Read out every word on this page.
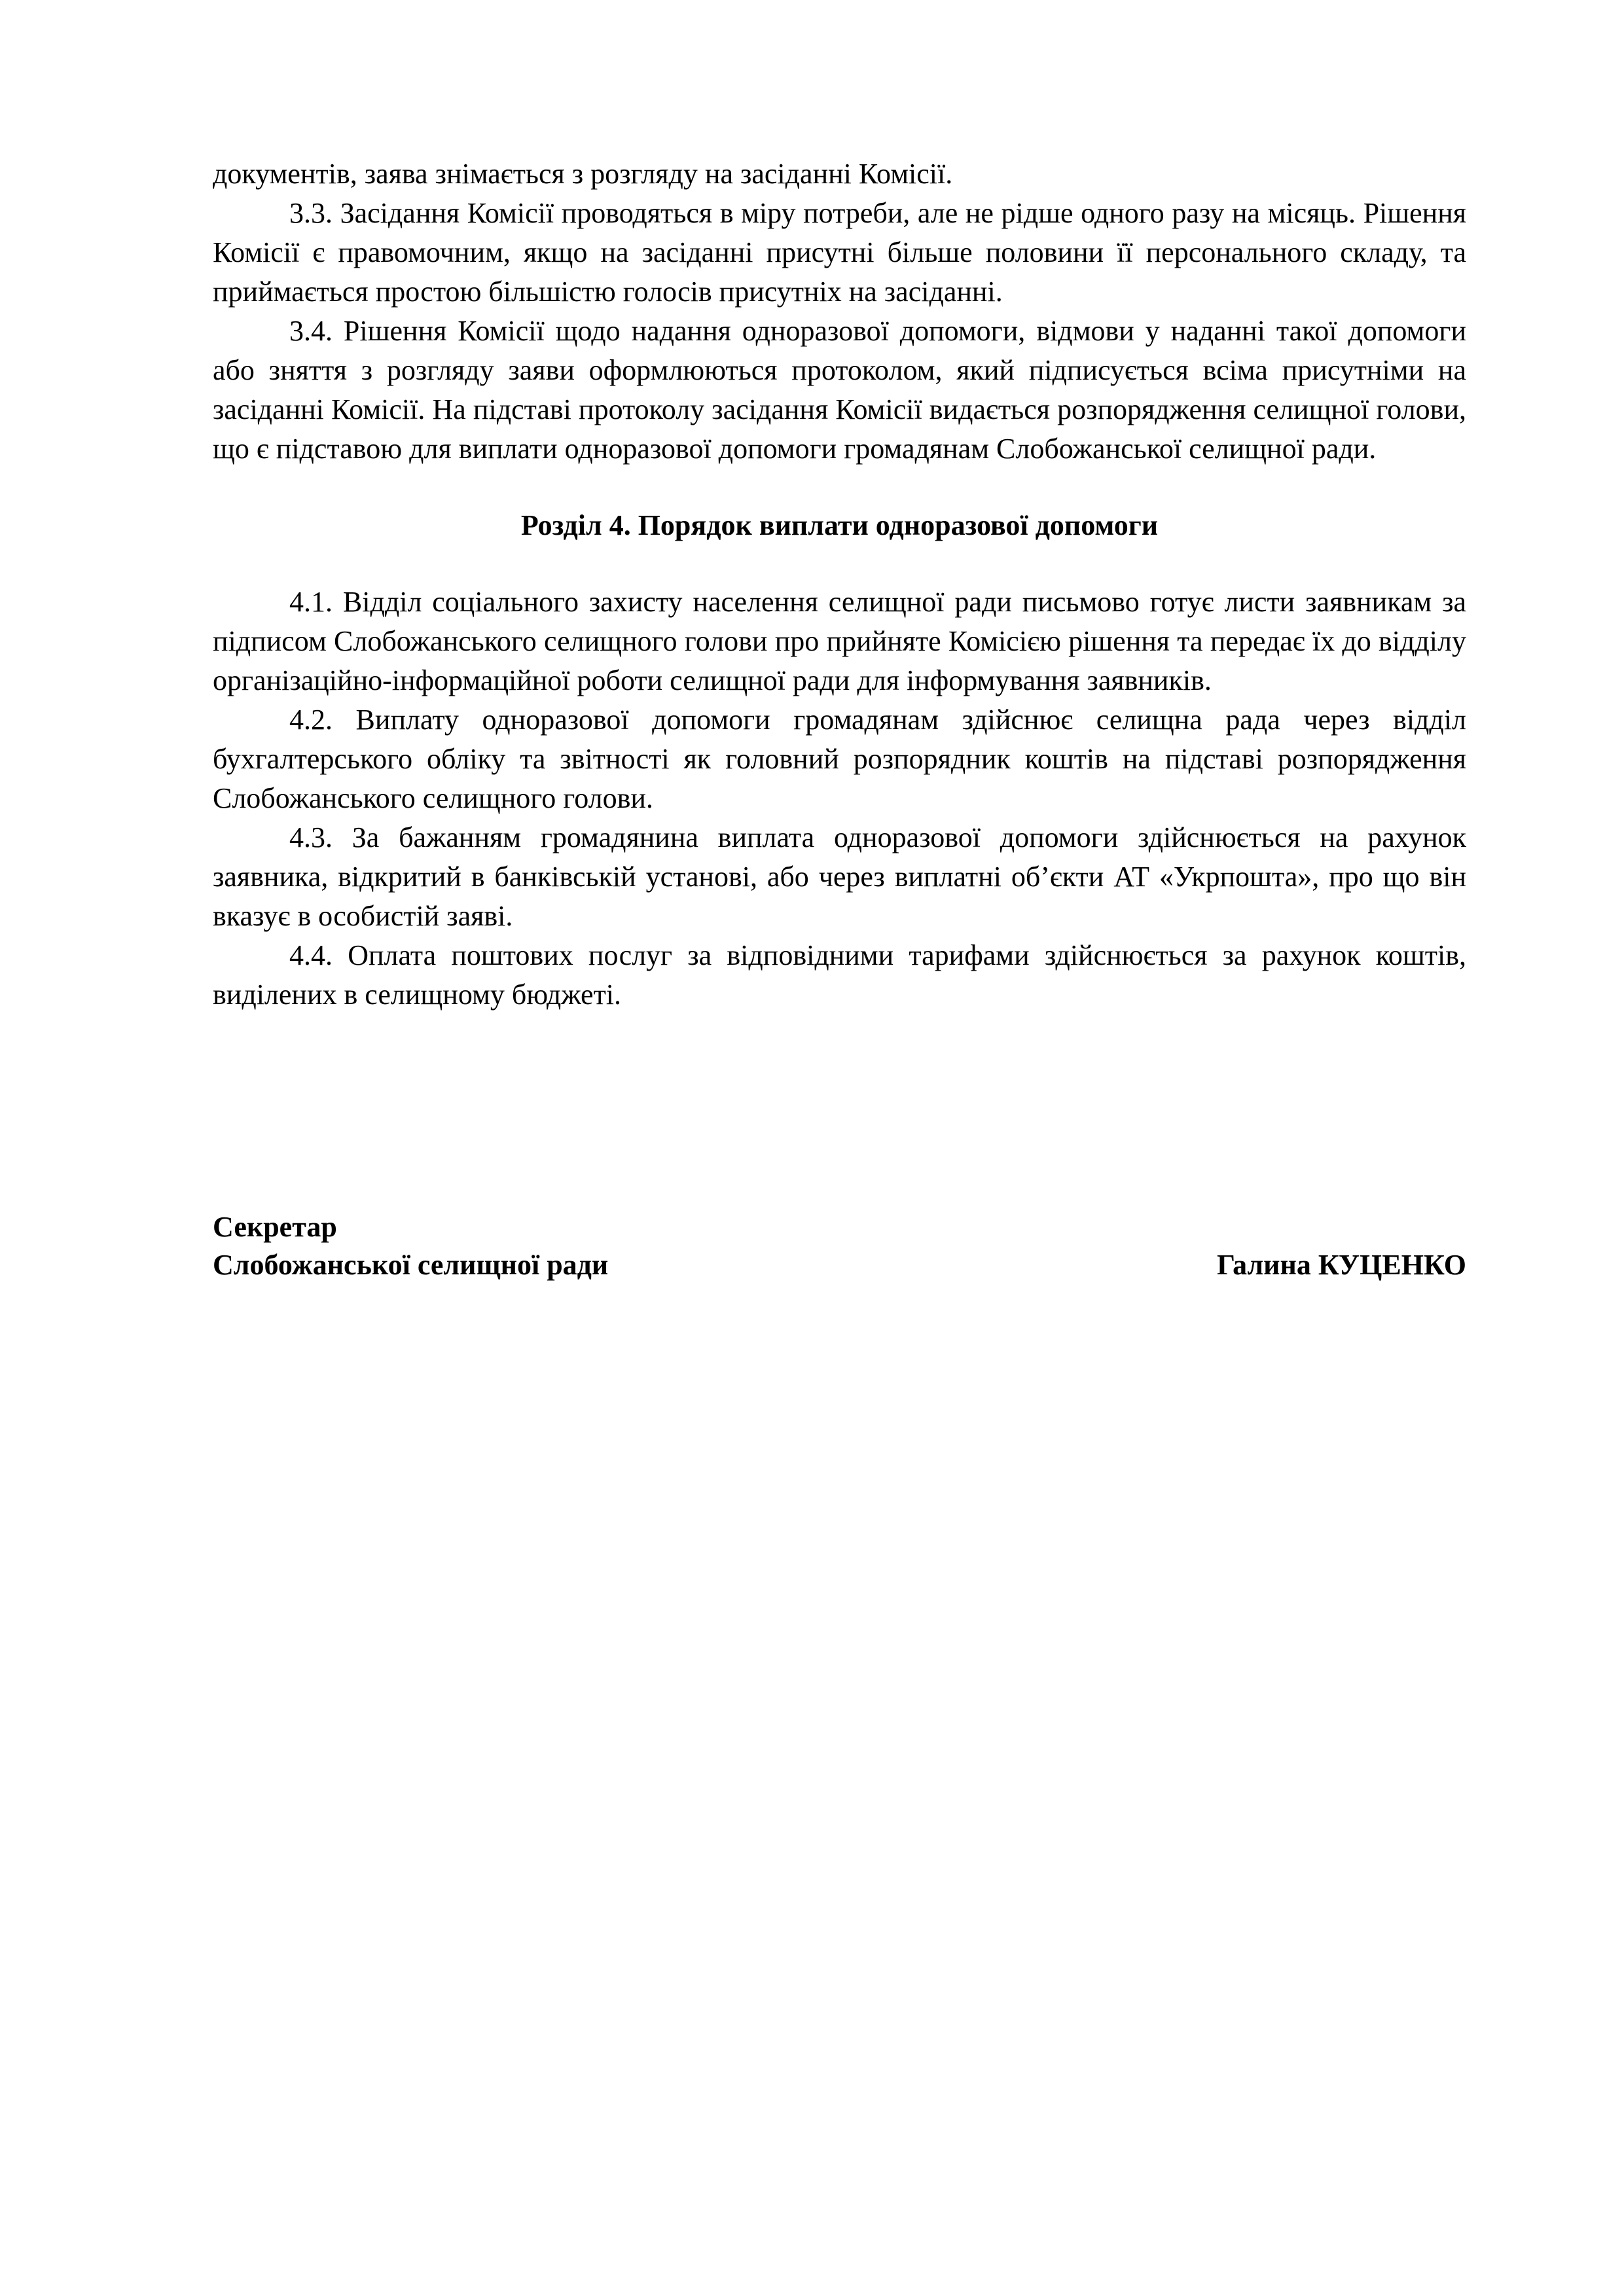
документів, заява знімається з розгляду на засіданні Комісії.

3.3. Засідання Комісії проводяться в міру потреби, але не рідше одного разу на місяць. Рішення Комісії є правомочним, якщо на засіданні присутні більше половини її персонального складу, та приймається простою більшістю голосів присутніх на засіданні.

3.4. Рішення Комісії щодо надання одноразової допомоги, відмови у наданні такої допомоги або зняття з розгляду заяви оформлюються протоколом, який підписується всіма присутніми на засіданні Комісії. На підставі протоколу засідання Комісії видається розпорядження селищної голови, що є підставою для виплати одноразової допомоги громадянам Слобожанської селищної ради.

Розділ 4. Порядок виплати одноразової допомоги

4.1. Відділ соціального захисту населення селищної ради письмово готує листи заявникам за підписом Слобожанського селищного голови про прийняте Комісією рішення та передає їх до відділу організаційно-інформаційної роботи селищної ради для інформування заявників.

4.2. Виплату одноразової допомоги громадянам здійснює селищна рада через відділ бухгалтерського обліку та звітності як головний розпорядник коштів на підставі розпорядження Слобожанського селищного голови.

4.3. За бажанням громадянина виплата одноразової допомоги здійснюється на рахунок заявника, відкритий в банківській установі, або через виплатні об’єкти АТ «Укрпошта», про що він вказує в особистій заяві.

4.4. Оплата поштових послуг за відповідними тарифами здійснюється за рахунок коштів, виділених в селищному бюджеті.

Секретар
Слобожанської селищної ради	Галина КУЦЕНКО
